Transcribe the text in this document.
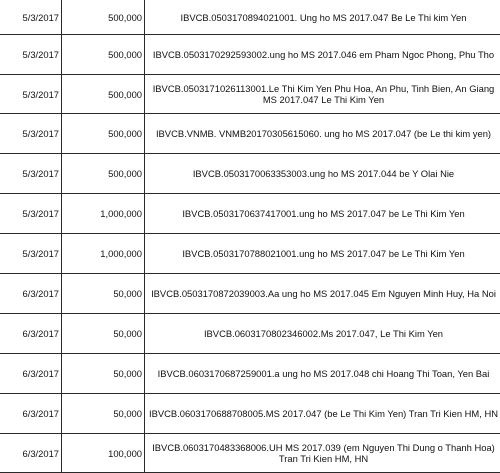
5/3/2017	500,000	IBVCB.0503170894021001. Ung ho MS 2017.047 Be Le Thi kim Yen
5/3/2017	500,000	IBVCB.0503170292593002.ung ho MS 2017.046 em Pham Ngoc Phong, Phu Tho
5/3/2017	500,000	IBVCB.0503171026113001.Le Thi Kim Yen Phu Hoa, An Phu, Tinh Bien, An Giang MS 2017.047 Le Thi Kim Yen
5/3/2017	500,000	IBVCB.VNMB. VNMB20170305615060. ung ho MS 2017.047 (be Le thi kim yen)
5/3/2017	500,000	IBVCB.0503170063353003.ung ho MS 2017.044 be Y Olai Nie
5/3/2017	1,000,000	IBVCB.0503170637417001.ung ho MS 2017.047 be Le Thi Kim Yen
5/3/2017	1,000,000	IBVCB.0503170788021001.ung ho MS 2017.047 be Le Thi Kim Yen
6/3/2017	50,000	IBVCB.0503170872039003.Aa ung ho MS 2017.045 Em Nguyen Minh Huy, Ha Noi
6/3/2017	50,000	IBVCB.0603170802346002.Ms 2017.047, Le Thi Kim Yen
6/3/2017	50,000	IBVCB.0603170687259001.a ung ho MS 2017.048 chi Hoang Thi Toan, Yen Bai
6/3/2017	50,000	IBVCB.0603170688708005.MS 2017.047 (be Le Thi Kim Yen) Tran Tri Kien HM, HN
6/3/2017	100,000	IBVCB.0603170483368006.UH MS 2017.039 (em Nguyen Thi Dung o Thanh Hoa) Tran Tri Kien HM, HN
